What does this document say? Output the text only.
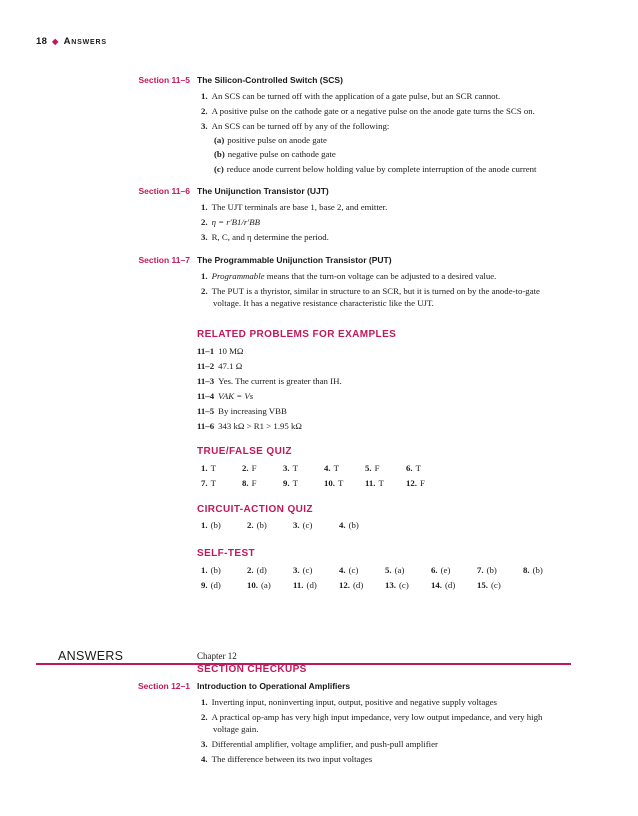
18 ◆ Answers
Section 11–5 The Silicon-Controlled Switch (SCS)
1. An SCS can be turned off with the application of a gate pulse, but an SCR cannot.
2. A positive pulse on the cathode gate or a negative pulse on the anode gate turns the SCS on.
3. An SCS can be turned off by any of the following:
(a) positive pulse on anode gate
(b) negative pulse on cathode gate
(c) reduce anode current below holding value by complete interruption of the anode current
Section 11–6 The Unijunction Transistor (UJT)
1. The UJT terminals are base 1, base 2, and emitter.
2. η = r′B1/r′BB
3. R, C, and η determine the period.
Section 11–7 The Programmable Unijunction Transistor (PUT)
1. Programmable means that the turn-on voltage can be adjusted to a desired value.
2. The PUT is a thyristor, similar in structure to an SCR, but it is turned on by the anode-to-gate
voltage. It has a negative resistance characteristic like the UJT.
RELATED PROBLEMS FOR EXAMPLES
11–1 10 MΩ
11–2 47.1 Ω
11–3 Yes. The current is greater than IH.
11–4 VAK = Vs
11–5 By increasing VBB
11–6 343 kΩ > R1 > 1.95 kΩ
TRUE/FALSE QUIZ
1. T	2. F	3. T	4. T	5. F	6. T
7. T	8. F	9. T	10. T 11. T	12. F
CIRCUIT-ACTION QUIZ
1. (b)	2. (b)	3. (c)	4. (b)
SELF-TEST
1. (b)	2. (d)	3. (c)	4. (c)	5. (a)	6. (e)	7. (b)	8. (b)
9. (d)	10. (a)	11. (d)	12. (d) 13. (c)	14. (d) 15. (c)
ANSWERS	Chapter 12
SECTION CHECKUPS
Section 12–1 Introduction to Operational Amplifiers
1. Inverting input, noninverting input, output, positive and negative supply voltages
2. A practical op-amp has very high input impedance, very low output impedance, and very high
voltage gain.
3. Differential amplifier, voltage amplifier, and push-pull amplifier
4. The difference between its two input voltages
